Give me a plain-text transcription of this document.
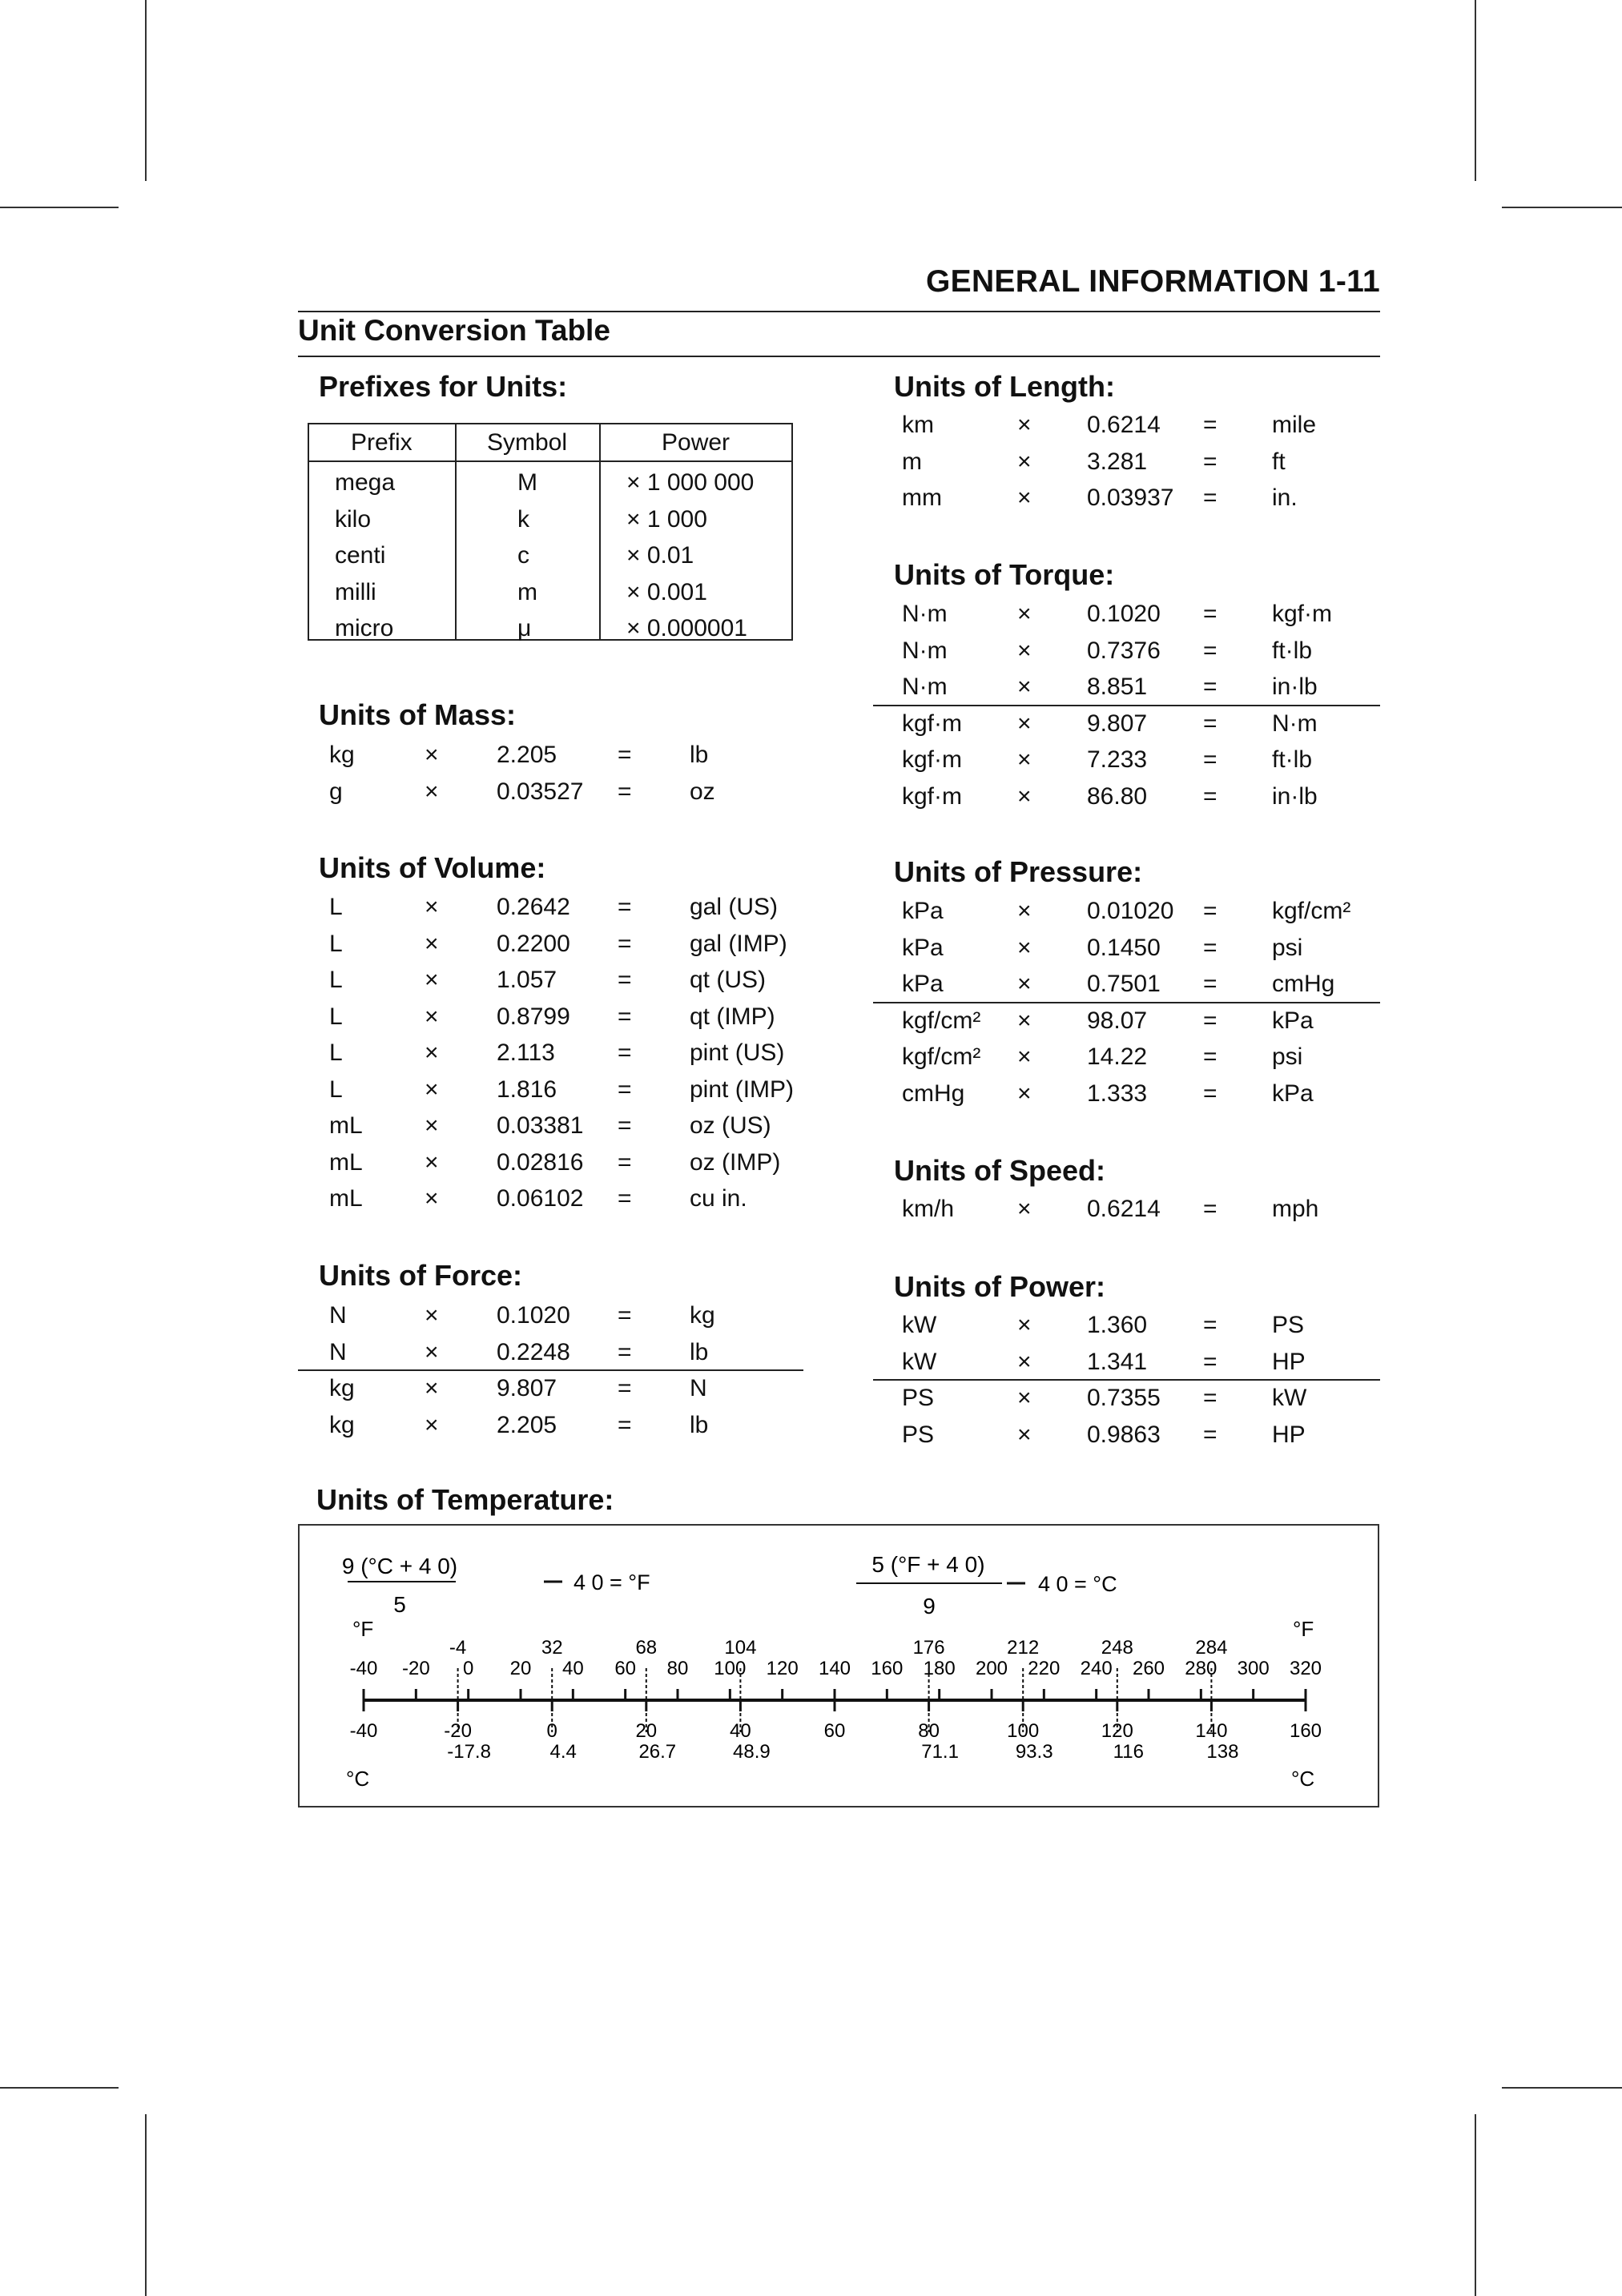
GENERAL INFORMATION 1-11
Unit Conversion Table
Prefixes for Units:
Prefix	Symbol	Power
mega	M	× 1 000 000
kilo	k	× 1 000
centi	c	× 0.01
milli	m	× 0.001
micro	μ	× 0.000001
Units of Mass:
kg	× 2.205	= lb
g	× 0.03527 = oz
Units of Volume:
L	× 0.2642 = gal (US)
L	× 0.2200 = gal (IMP)
L	× 1.057	= qt (US)
L	× 0.8799 = qt (IMP)
L	× 2.113	= pint (US)
L	× 1.816	= pint (IMP)
mL	× 0.03381 = oz (US)
mL	× 0.02816 = oz (IMP)
mL	× 0.06102 = cu in.
Units of Force:
N	× 0.1020 = kg
N	× 0.2248 = lb
kg	× 9.807	= N
kg	× 2.205	= lb
Units of Length:
km	× 0.6214 = mile
m	× 3.281 = ft
mm	× 0.03937 = in.
Units of Torque:
N·m	× 0.1020 = kgf·m
N·m	× 0.7376 = ft·lb
N·m	× 8.851 = in·lb
kgf·m × 9.807 = N·m
kgf·m × 7.233 = ft·lb
kgf·m × 86.80 = in·lb
Units of Pressure:
kPa	× 0.01020 = kgf/cm²
kPa	× 0.1450 = psi
kPa	× 0.7501 = cmHg
kgf/cm² × 98.07 = kPa
kgf/cm² × 14.22 = psi
cmHg × 1.333 = kPa
Units of Speed:
km/h	× 0.6214 = mph
Units of Power:
kW	× 1.360 = PS
kW	× 1.341 = HP
PS	× 0.7355 = kW
PS	× 0.9863 = HP
Units of Temperature:
9 (°C + 4 0)
5
4 0 = °F
5 (°F + 4 0)
9
4 0 = °C
°F	°F
°C	°C
-40 -20 0 20 40 60 80 100 120 140 160 180 200 220 240 260 280 300 320
-40	-20	0	20	40	60	80	100	120	140	160
-4	32	68	104	176	212	248	284
-17.8	4.4	26.7	48.9	71.1	93.3	116	138
